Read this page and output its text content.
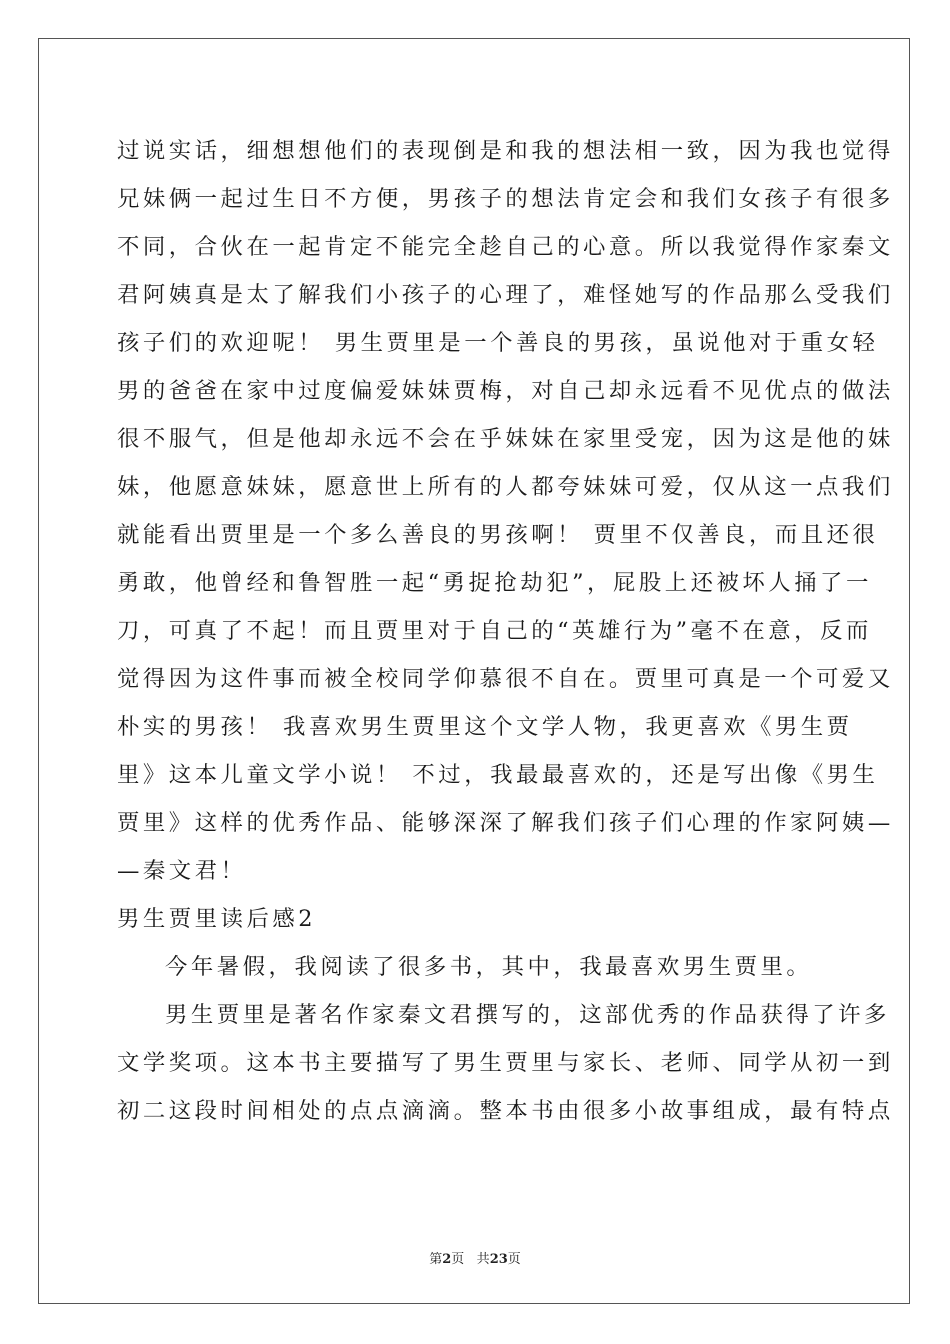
过说实话，细想想他们的表现倒是和我的想法相一致，因为我也觉得
兄妹俩一起过生日不方便，男孩子的想法肯定会和我们女孩子有很多
不同，合伙在一起肯定不能完全趁自己的心意。所以我觉得作家秦文
君阿姨真是太了解我们小孩子的心理了，难怪她写的作品那么受我们
孩子们的欢迎呢！ 男生贾里是一个善良的男孩，虽说他对于重女轻
男的爸爸在家中过度偏爱妹妹贾梅，对自己却永远看不见优点的做法
很不服气，但是他却永远不会在乎妹妹在家里受宠，因为这是他的妹
妹，他愿意妹妹，愿意世上所有的人都夸妹妹可爱，仅从这一点我们
就能看出贾里是一个多么善良的男孩啊！ 贾里不仅善良，而且还很
勇敢，他曾经和鲁智胜一起“勇捉抢劫犯”，屁股上还被坏人捅了一
刀，可真了不起！而且贾里对于自己的“英雄行为”毫不在意，反而
觉得因为这件事而被全校同学仰慕很不自在。贾里可真是一个可爱又
朴实的男孩！ 我喜欢男生贾里这个文学人物，我更喜欢《男生贾
里》这本儿童文学小说！ 不过，我最最喜欢的，还是写出像《男生
贾里》这样的优秀作品、能够深深了解我们孩子们心理的作家阿姨—
—秦文君！
男生贾里读后感2
今年暑假，我阅读了很多书，其中，我最喜欢男生贾里。
男生贾里是著名作家秦文君撰写的，这部优秀的作品获得了许多
文学奖项。这本书主要描写了男生贾里与家长、老师、同学从初一到
初二这段时间相处的点点滴滴。整本书由很多小故事组成，最有特点
第2页 共23页
